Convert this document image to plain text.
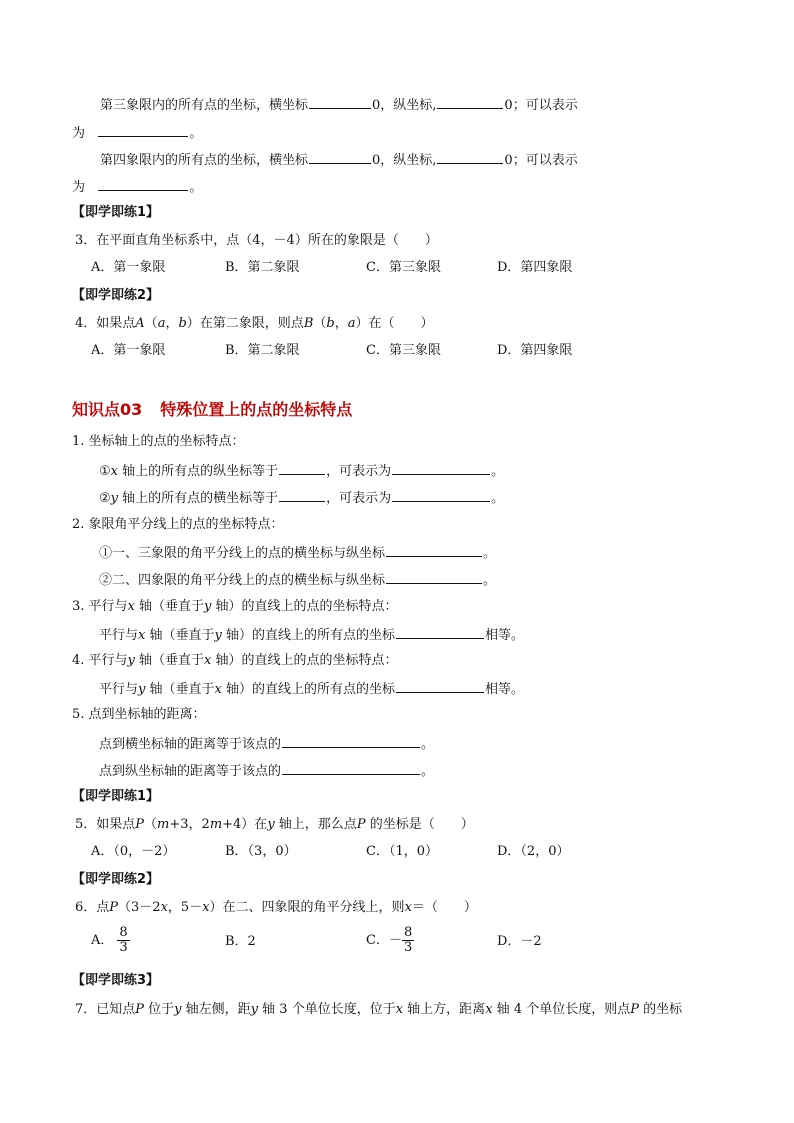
第三象限内的所有点的坐标，横坐标	0，纵坐标,	0；可以表示
为	。
第四象限内的所有点的坐标，横坐标	0，纵坐标,	0；可以表示
为	。
【即学即练1】
3．在平面直角坐标系中，点（4，－4）所在的象限是（　　）
A．第一象限	B．第二象限	C．第三象限	D．第四象限
【即学即练2】
4．如果点A（a，b）在第二象限，则点B（b，a）在（　　）
A．第一象限	B．第二象限	C．第三象限	D．第四象限
知识点03 特殊位置上的点的坐标特点
1. 坐标轴上的点的坐标特点：
①x 轴上的所有点的纵坐标等于	，可表示为	。
②y 轴上的所有点的横坐标等于	，可表示为	。
2. 象限角平分线上的点的坐标特点：
①一、三象限的角平分线上的点的横坐标与纵坐标	。
②二、四象限的角平分线上的点的横坐标与纵坐标	。
3. 平行与x 轴（垂直于y 轴）的直线上的点的坐标特点：
平行与x 轴（垂直于y 轴）的直线上的所有点的坐标	相等。
4. 平行与y 轴（垂直于x 轴）的直线上的点的坐标特点：
平行与y 轴（垂直于x 轴）的直线上的所有点的坐标	相等。
5. 点到坐标轴的距离：
点到横坐标轴的距离等于该点的	。
点到纵坐标轴的距离等于该点的	。
【即学即练1】
5．如果点P（m+3，2m+4）在y 轴上，那么点P 的坐标是（　　）
A．（0，－2）	B．（3，0）	C．（1，0）	D．（2，0）
【即学即练2】
6．点P（3－2x，5－x）在二、四象限的角平分线上，则x＝（　　）
A． $\frac{8}{3}$	B．2	C．－ $\frac{8}{3}$	D．－2
【即学即练3】
7．已知点P 位于y 轴左侧，距y 轴 3 个单位长度，位于x 轴上方，距离x 轴 4 个单位长度，则点P 的坐标
